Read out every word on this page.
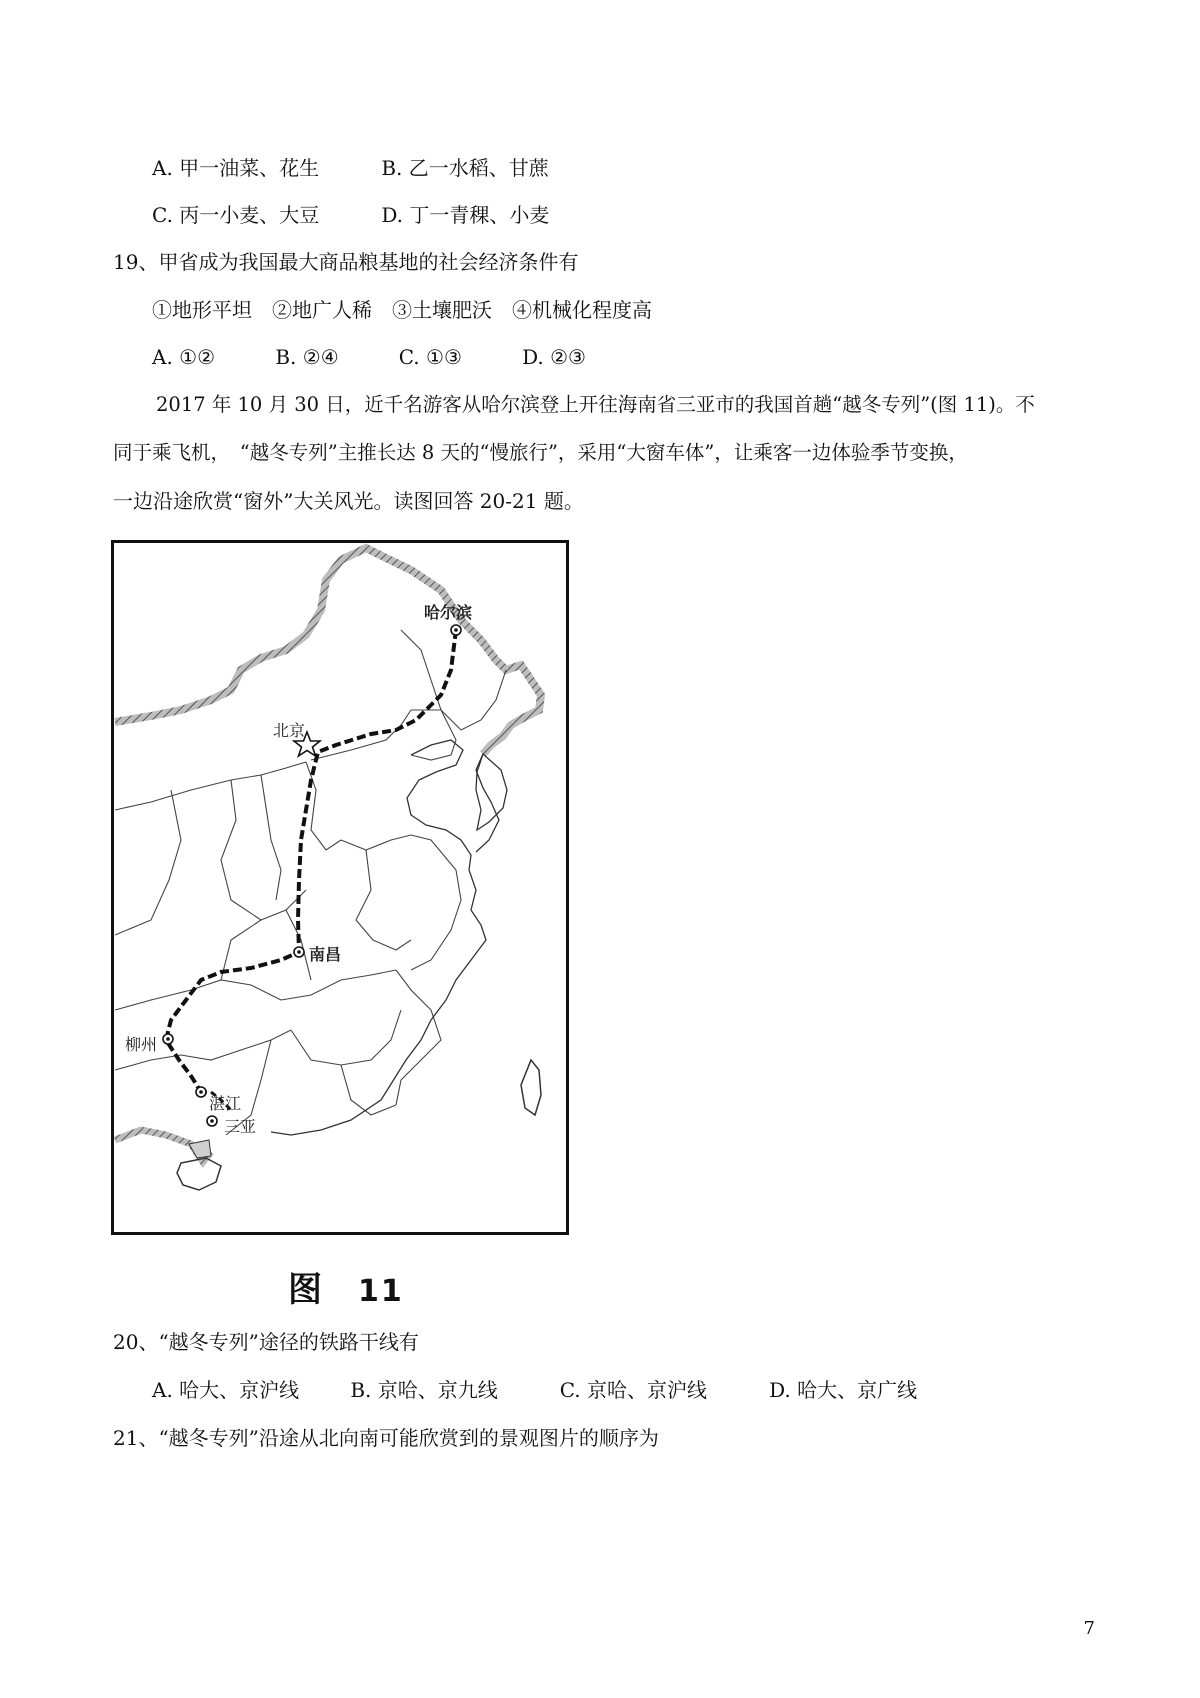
A. 甲一油菜、花生	B. 乙一水稻、甘蔗
C. 丙一小麦、大豆	D. 丁一青稞、小麦
19、甲省成为我国最大商品粮基地的社会经济条件有
①地形平坦　②地广人稀　③土壤肥沃　④机械化程度高
A. ①②	B. ②④	C. ①③	D. ②③
2017 年 10 月 30 日，近千名游客从哈尔滨登上开往海南省三亚市的我国首趟“越冬专列”(图 11)。不
同于乘飞机，　“越冬专列”主推长达 8 天的“慢旅行”，采用“大窗车体”，让乘客一边体验季节变换，
一边沿途欣赏“窗外”大关风光。读图回答 20-21 题。
哈尔滨
北京
南昌
柳州
湛江
三亚
图 11
20、“越冬专列”途径的铁路干线有
A. 哈大、京沪线	B. 京哈、京九线	C. 京哈、京沪线	D. 哈大、京广线
21、“越冬专列”沿途从北向南可能欣赏到的景观图片的顺序为
7
